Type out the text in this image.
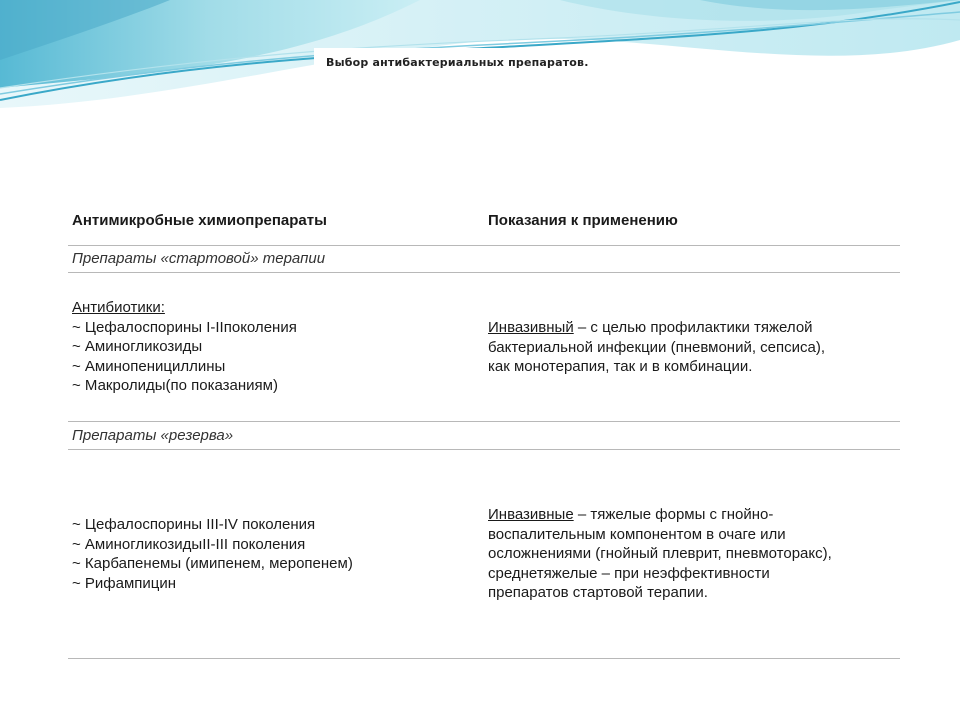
Выбор антибактериальных препаратов.
Антимикробные химиопрепараты	Показания к применению
Препараты «стартовой» терапии
Антибиотики:
~ Цефалоспорины I-IIпоколения
~ Аминогликозиды
~ Аминопенициллины
~ Макролиды(по показаниям)
Инвазивный – с целью профилактики тяжелой
бактериальной инфекции (пневмоний, сепсиса),
как монотерапия, так и в комбинации.
Препараты «резерва»
~ Цефалоспорины III-IV поколения
~ АминогликозидыII-III поколения
~ Карбапенемы (имипенем, меропенем)
~ Рифампицин
Инвазивные – тяжелые формы с гнойно-
воспалительным компонентом в очаге или
осложнениями (гнойный плеврит, пневмоторакс),
среднетяжелые – при неэффективности
препаратов стартовой терапии.
